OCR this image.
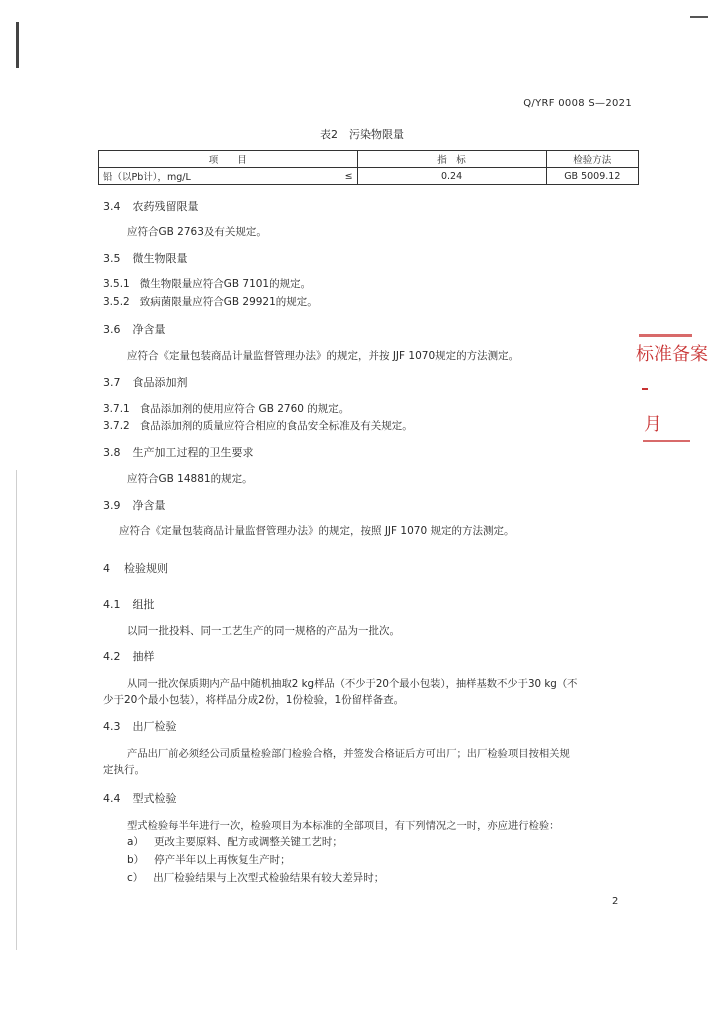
Q/YRF 0008 S—2021
表2　污染物限量
项　　目		指　标	检验方法
铅（以Pb计），mg/L	≤	0.24	GB 5009.12
3.4 农药残留限量
应符合GB 2763及有关规定。
3.5 微生物限量
3.5.1 微生物限量应符合GB 7101的规定。
3.5.2 致病菌限量应符合GB 29921的规定。
3.6 净含量
应符合《定量包装商品计量监督管理办法》的规定，并按 JJF 1070规定的方法测定。
3.7 食品添加剂
3.7.1 食品添加剂的使用应符合 GB 2760 的规定。
3.7.2 食品添加剂的质量应符合相应的食品安全标准及有关规定。
3.8 生产加工过程的卫生要求
应符合GB 14881的规定。
3.9 净含量
应符合《定量包装商品计量监督管理办法》的规定，按照 JJF 1070 规定的方法测定。
4 检验规则
4.1 组批
以同一批投料、同一工艺生产的同一规格的产品为一批次。
4.2 抽样
从同一批次保质期内产品中随机抽取2 kg样品（不少于20个最小包装），抽样基数不少于30 kg（不
少于20个最小包装），将样品分成2份，1份检验，1份留样备查。
4.3 出厂检验
产品出厂前必须经公司质量检验部门检验合格，并签发合格证后方可出厂；出厂检验项目按相关规
定执行。
4.4 型式检验
型式检验每半年进行一次，检验项目为本标准的全部项目，有下列情况之一时，亦应进行检验：
a） 更改主要原料、配方或调整关键工艺时；
b） 停产半年以上再恢复生产时；
c） 出厂检验结果与上次型式检验结果有较大差异时；
标准备案
月
2
